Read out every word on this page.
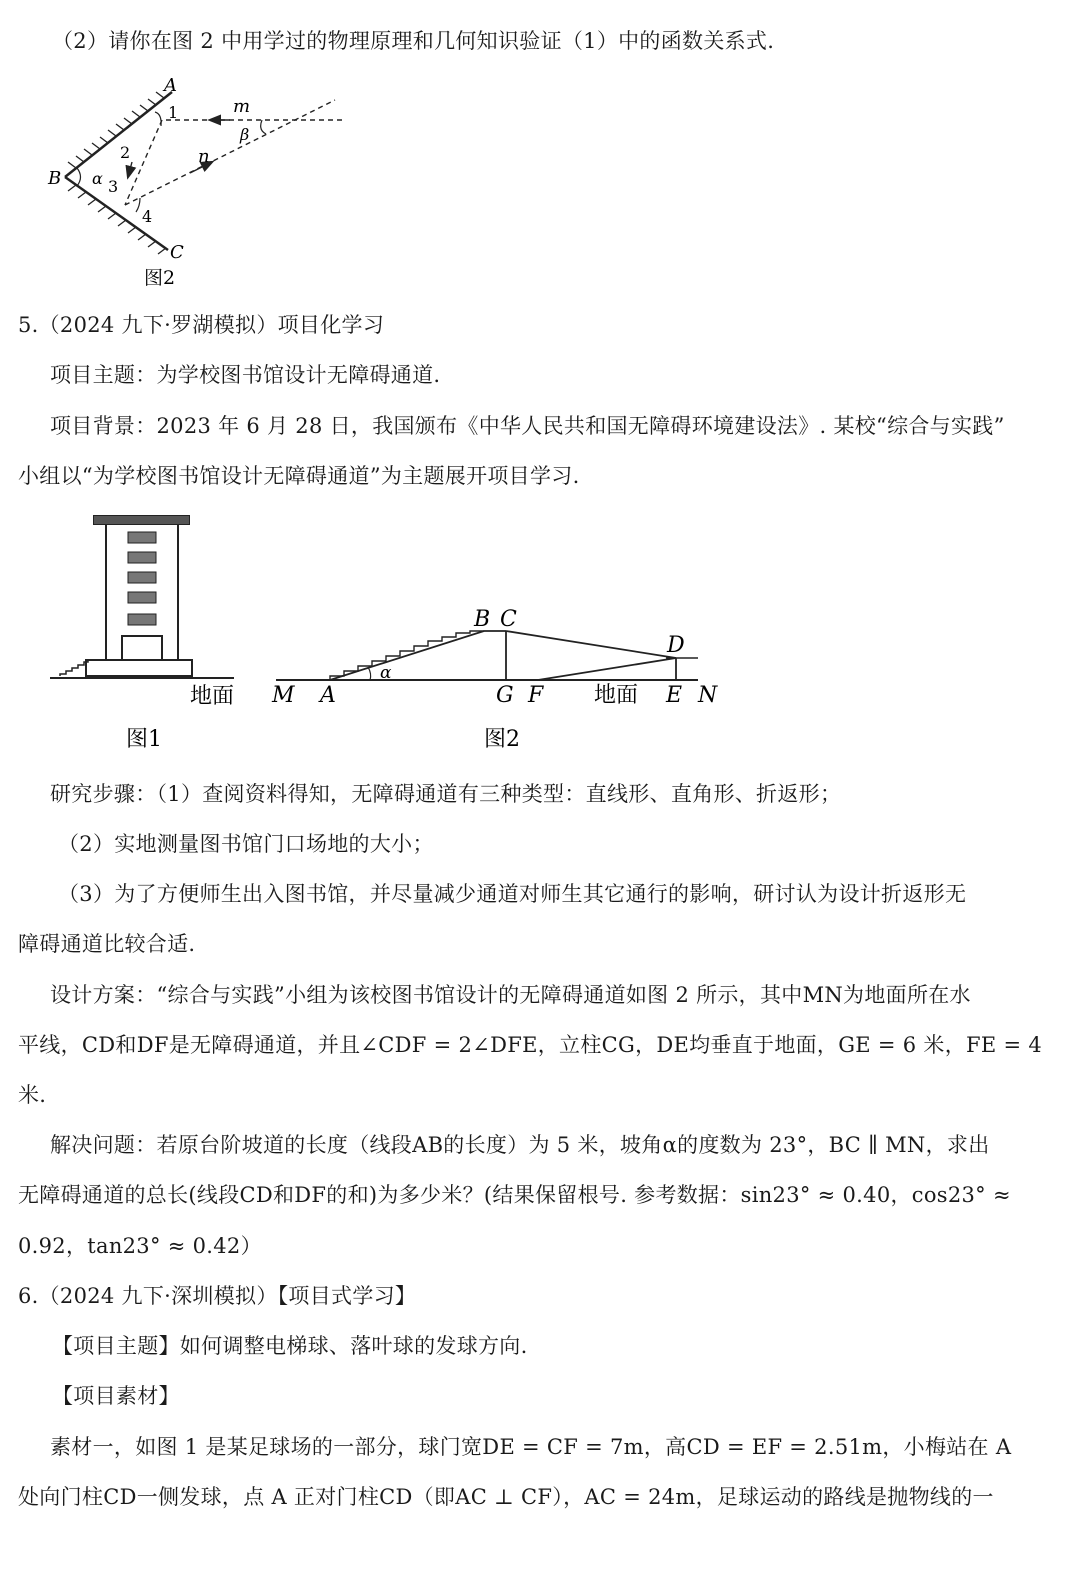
（2）请你在图 2 中用学过的物理原理和几何知识验证（1）中的函数关系式.
A
B
C
m
n
β
α
1
2
3
4
图2
5.（2024 九下·罗湖模拟）项目化学习
项目主题：为学校图书馆设计无障碍通道.
项目背景：2023 年 6 月 28 日，我国颁布《中华人民共和国无障碍环境建设法》. 某校“综合与实践”
小组以“为学校图书馆设计无障碍通道”为主题展开项目学习.
地面
图1
B C
D
α
M A	G F 地面 E N
图2
研究步骤：（1）查阅资料得知，无障碍通道有三种类型：直线形、直角形、折返形；
（2）实地测量图书馆门口场地的大小；
（3）为了方便师生出入图书馆，并尽量减少通道对师生其它通行的影响，研讨认为设计折返形无
障碍通道比较合适.
设计方案：“综合与实践”小组为该校图书馆设计的无障碍通道如图 2 所示，其中MN为地面所在水
平线，CD和DF是无障碍通道，并且∠CDF = 2∠DFE，立柱CG，DE均垂直于地面，GE = 6 米，FE = 4
米.
解决问题：若原台阶坡道的长度（线段AB的长度）为 5 米，坡角α的度数为 23°，BC ∥ MN，求出
无障碍通道的总长(线段CD和DF的和)为多少米？(结果保留根号. 参考数据：sin23° ≈ 0.40，cos23° ≈
0.92，tan23° ≈ 0.42）
6.（2024 九下·深圳模拟）【项目式学习】
【项目主题】如何调整电梯球、落叶球的发球方向.
【项目素材】
素材一，如图 1 是某足球场的一部分，球门宽DE = CF = 7m，高CD = EF = 2.51m，小梅站在 A
处向门柱CD一侧发球，点 A 正对门柱CD（即AC ⊥ CF），AC = 24m，足球运动的路线是抛物线的一
